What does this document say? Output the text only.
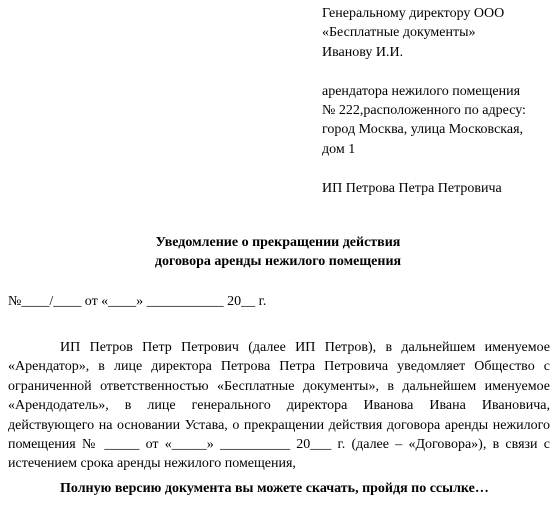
Генеральному директору ООО
«Бесплатные документы»
Иванову И.И.
арендатора нежилого помещения
№ 222,расположенного по адресу:
город Москва, улица Московская,
дом 1
ИП Петрова Петра Петровича
Уведомление о прекращении действия
договора аренды нежилого помещения
№____/____ от «____» ___________ 20__ г.

ИП Петров Петр Петрович (далее ИП Петров), в дальнейшем именуемое «Арендатор», в лице директора Петрова Петра Петровича уведомляет Общество с ограниченной ответственностью «Бесплатные документы», в дальнейшем именуемое «Арендодатель», в лице генерального директора Иванова Ивана Ивановича, действующего на основании Устава, о прекращении действия договора аренды нежилого помещения № _____ от «_____» __________ 20___ г. (далее – «Договора»), в связи с истечением срока аренды нежилого помещения,

Полную версию документа вы можете скачать, пройдя по ссылке…
